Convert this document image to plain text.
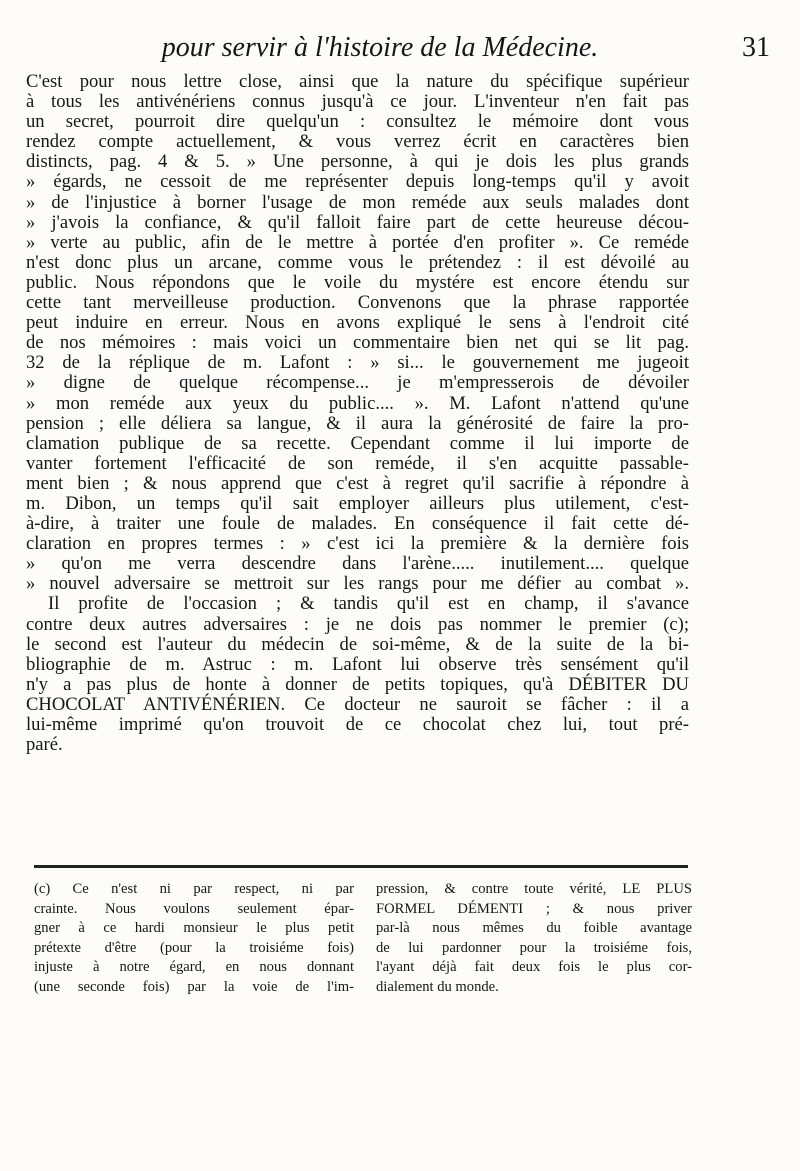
pour servir à l'histoire de la Médecine.	31
C'est pour nous lettre close, ainsi que la nature du spécifique supérieur
à tous les antivénériens connus jusqu'à ce jour. L'inventeur n'en fait pas
un secret, pourroit dire quelqu'un : consultez le mémoire dont vous
rendez compte actuellement, & vous verrez écrit en caractères bien
distincts, pag. 4 & 5. » Une personne, à qui je dois les plus grands
» égards, ne cessoit de me représenter depuis long-temps qu'il y avoit
» de l'injustice à borner l'usage de mon reméde aux seuls malades dont
» j'avois la confiance, & qu'il falloit faire part de cette heureuse décou-
» verte au public, afin de le mettre à portée d'en profiter ». Ce reméde
n'est donc plus un arcane, comme vous le prétendez : il est dévoilé au
public. Nous répondons que le voile du mystére est encore étendu sur
cette tant merveilleuse production. Convenons que la phrase rapportée
peut induire en erreur. Nous en avons expliqué le sens à l'endroit cité
de nos mémoires : mais voici un commentaire bien net qui se lit pag.
32 de la réplique de m. Lafont : » si... le gouvernement me jugeoit
» digne de quelque récompense... je m'empresserois de dévoiler
» mon reméde aux yeux du public.... ». M. Lafont n'attend qu'une
pension ; elle déliera sa langue, & il aura la générosité de faire la pro-
clamation publique de sa recette. Cependant comme il lui importe de
vanter fortement l'efficacité de son reméde, il s'en acquitte passable-
ment bien ; & nous apprend que c'est à regret qu'il sacrifie à répondre à
m. Dibon, un temps qu'il sait employer ailleurs plus utilement, c'est-
à-dire, à traiter une foule de malades. En conséquence il fait cette dé-
claration en propres termes : » c'est ici la première & la dernière fois
» qu'on me verra descendre dans l'arène..... inutilement.... quelque
» nouvel adversaire se mettroit sur les rangs pour me défier au combat ».
Il profite de l'occasion ; & tandis qu'il est en champ, il s'avance
contre deux autres adversaires : je ne dois pas nommer le premier (c);
le second est l'auteur du médecin de soi-même, & de la suite de la bi-
bliographie de m. Astruc : m. Lafont lui observe très sensément qu'il
n'y a pas plus de honte à donner de petits topiques, qu'à DÉBITER DU
CHOCOLAT ANTIVÉNÉRIEN. Ce docteur ne sauroit se fâcher : il a
lui-même imprimé qu'on trouvoit de ce chocolat chez lui, tout pré-
paré.
(c) Ce n'est ni par respect, ni par
crainte. Nous voulons seulement épar-
gner à ce hardi monsieur le plus petit
prétexte d'être (pour la troisiéme fois)
injuste à notre égard, en nous donnant
(une seconde fois) par la voie de l'im-
pression, & contre toute vérité, LE PLUS
FORMEL DÉMENTI ; & nous priver
par-là nous mêmes du foible avantage
de lui pardonner pour la troisiéme fois,
l'ayant déjà fait deux fois le plus cor-
dialement du monde.
